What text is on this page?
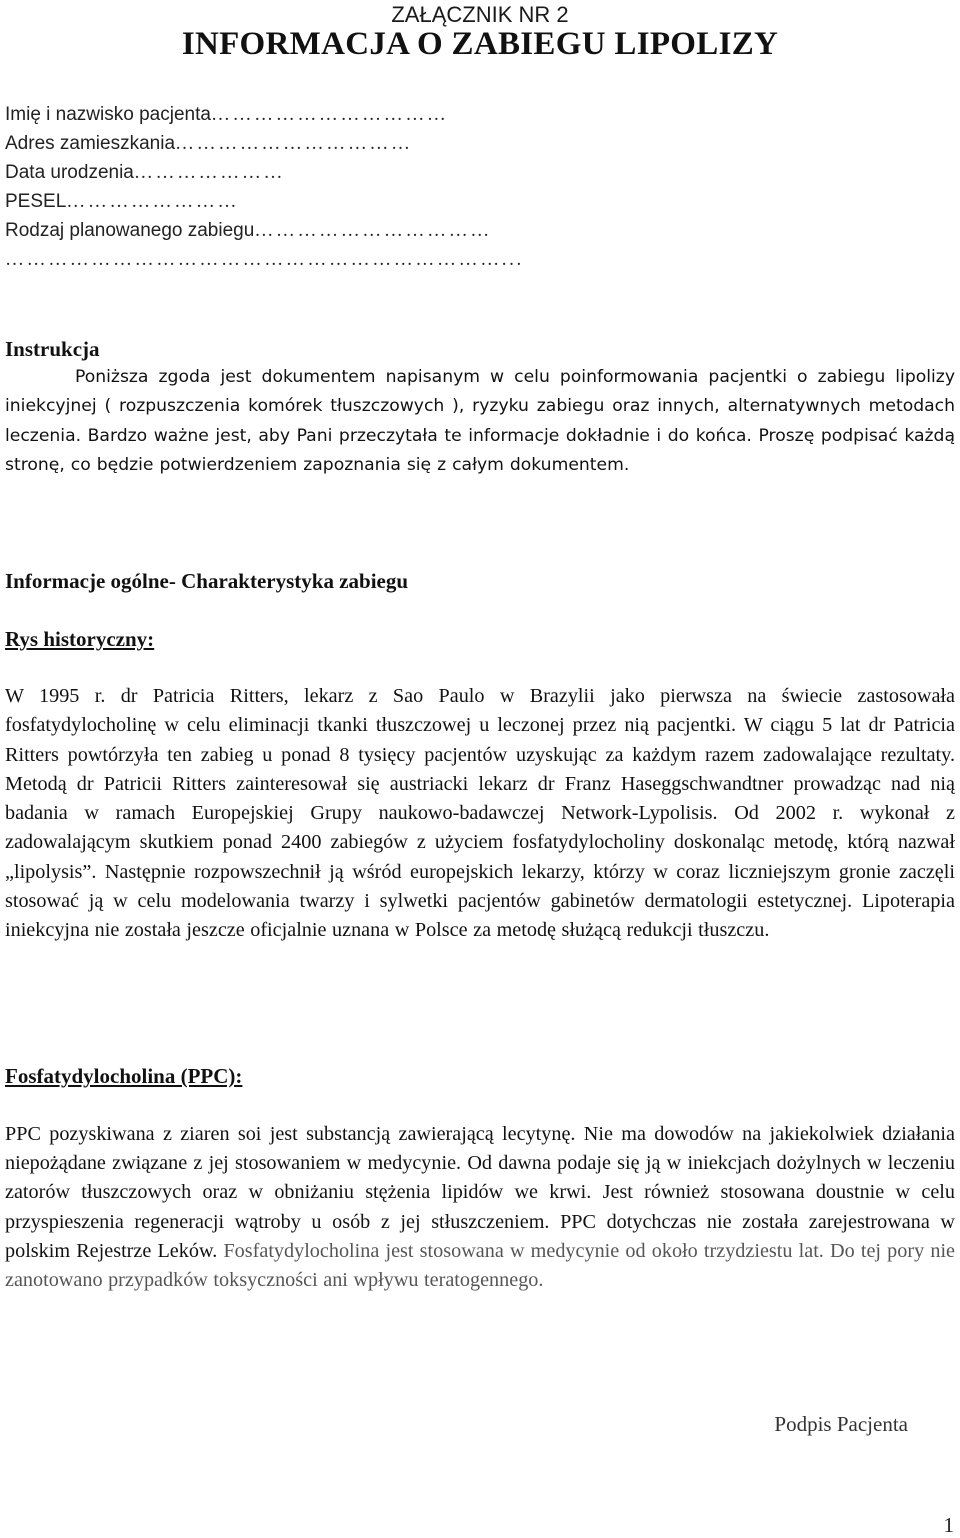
ZAŁĄCZNIK NR 2
INFORMACJA O ZABIEGU LIPOLIZY
Imię i nazwisko pacjenta……………………………
Adres zamieszkania……………………………
Data urodzenia…………………
PESEL……………………
Rodzaj planowanego zabiegu……………………………
……………………………………………………………...
Instrukcja
Poniższa zgoda jest dokumentem napisanym w celu poinformowania pacjentki o zabiegu lipolizy iniekcyjnej ( rozpuszczenia komórek tłuszczowych ), ryzyku zabiegu oraz innych, alternatywnych metodach leczenia. Bardzo ważne jest, aby Pani przeczytała te informacje dokładnie i do końca. Proszę podpisać każdą stronę, co będzie potwierdzeniem zapoznania się z całym dokumentem.
Informacje ogólne- Charakterystyka zabiegu
Rys historyczny:
W 1995 r. dr Patricia Ritters, lekarz z Sao Paulo w Brazylii jako pierwsza na świecie zastosowała fosfatydylocholinę w celu eliminacji tkanki tłuszczowej u leczonej przez nią pacjentki. W ciągu 5 lat dr Patricia Ritters powtórzyła ten zabieg u ponad 8 tysięcy pacjentów uzyskując za każdym razem zadowalające rezultaty. Metodą dr Patricii Ritters zainteresował się austriacki lekarz dr Franz Haseggschwandtner prowadząc nad nią badania w ramach Europejskiej Grupy naukowo-badawczej Network-Lypolisis. Od 2002 r. wykonał z zadowalającym skutkiem ponad 2400 zabiegów z użyciem fosfatydylocholiny doskonaląc metodę, którą nazwał „lipolysis”. Następnie rozpowszechnił ją wśród europejskich lekarzy, którzy w coraz liczniejszym gronie zaczęli stosować ją w celu modelowania twarzy i sylwetki pacjentów gabinetów dermatologii estetycznej. Lipoterapia iniekcyjna nie została jeszcze oficjalnie uznana w Polsce za metodę służącą redukcji tłuszczu.
Fosfatydylocholina (PPC):
PPC pozyskiwana z ziaren soi jest substancją zawierającą lecytynę. Nie ma dowodów na jakiekolwiek działania niepożądane związane z jej stosowaniem w medycynie. Od dawna podaje się ją w iniekcjach dożylnych w leczeniu zatorów tłuszczowych oraz w obniżaniu stężenia lipidów we krwi. Jest również stosowana doustnie w celu przyspieszenia regeneracji wątroby u osób z jej stłuszczeniem. PPC dotychczas nie została zarejestrowana w polskim Rejestrze Leków. Fosfatydylocholina jest stosowana w medycynie od około trzydziestu lat. Do tej pory nie zanotowano przypadków toksyczności ani wpływu teratogennego.
Podpis Pacjenta
1
